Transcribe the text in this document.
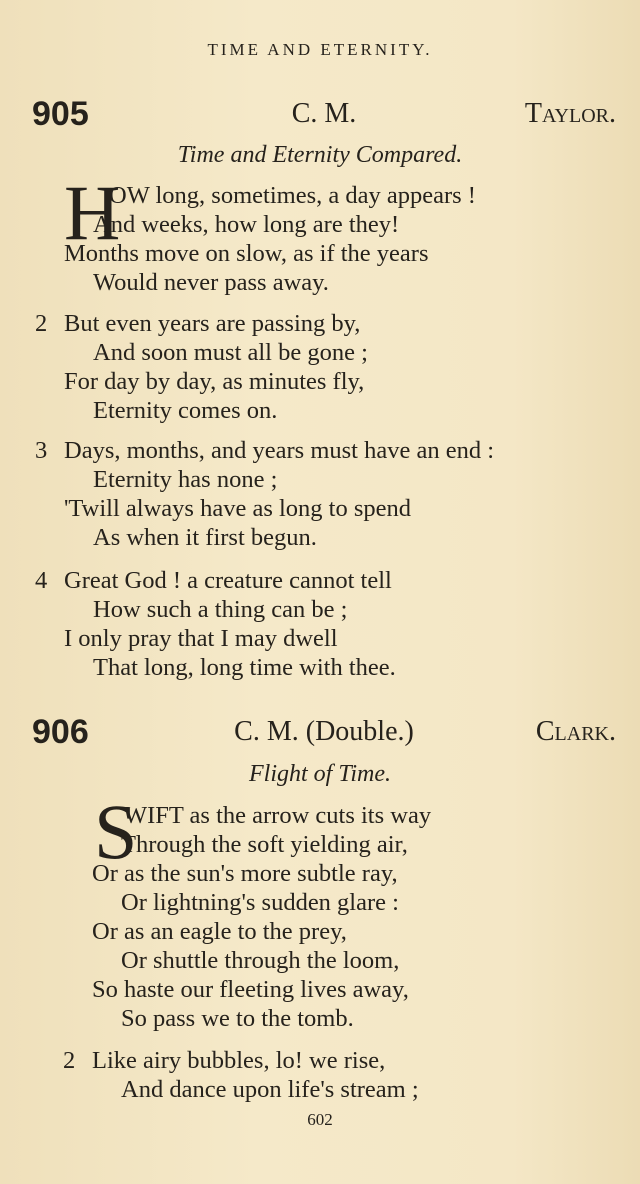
TIME AND ETERNITY.
905	C. M.	Taylor.
Time and Eternity Compared.
H
OW long, sometimes, a day appears !
And weeks, how long are they!
Months move on slow, as if the years
Would never pass away.
2 But even years are passing by,
And soon must all be gone ;
For day by day, as minutes fly,
Eternity comes on.
3 Days, months, and years must have an end :
Eternity has none ;
'Twill always have as long to spend
As when it first begun.
4 Great God ! a creature cannot tell
How such a thing can be ;
I only pray that I may dwell
That long, long time with thee.
906	C. M. (Double.)	Clark.
Flight of Time.
S
WIFT as the arrow cuts its way
Through the soft yielding air,
Or as the sun's more subtle ray,
Or lightning's sudden glare :
Or as an eagle to the prey,
Or shuttle through the loom,
So haste our fleeting lives away,
So pass we to the tomb.
2 Like airy bubbles, lo! we rise,
And dance upon life's stream ;
602
